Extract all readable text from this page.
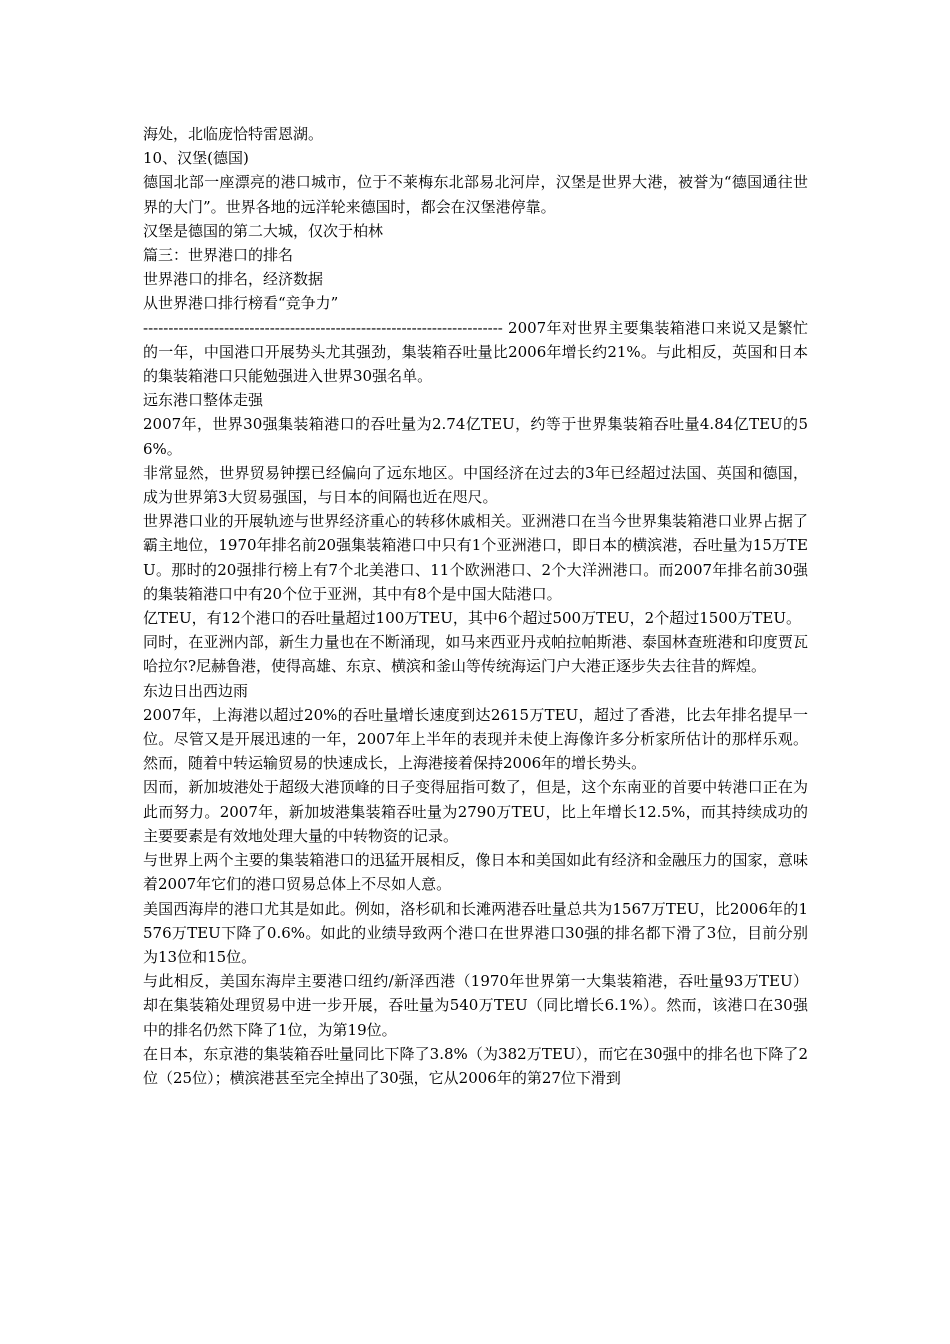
海处，北临庞恰特雷恩湖。

10、汉堡(德国)

德国北部一座漂亮的港口城市，位于不莱梅东北部易北河岸，汉堡是世界大港，被誉为“德国通往世界的大门”。世界各地的远洋轮来德国时，都会在汉堡港停靠。

汉堡是德国的第二大城，仅次于柏林

篇三：世界港口的排名

世界港口的排名，经济数据

从世界港口排行榜看“竞争力”

----------------------------------------------------------------------- 2007年对世界主要集装箱港口来说又是繁忙的一年，中国港口开展势头尤其强劲，集装箱吞吐量比2006年增长约21%。与此相反，英国和日本的集装箱港口只能勉强进入世界30强名单。

远东港口整体走强

2007年，世界30强集装箱港口的吞吐量为2.74亿TEU，约等于世界集装箱吞吐量4.84亿TEU的56%。

非常显然，世界贸易钟摆已经偏向了远东地区。中国经济在过去的3年已经超过法国、英国和德国，成为世界第3大贸易强国，与日本的间隔也近在咫尺。

世界港口业的开展轨迹与世界经济重心的转移休戚相关。亚洲港口在当今世界集装箱港口业界占据了霸主地位，1970年排名前20强集装箱港口中只有1个亚洲港口，即日本的横滨港，吞吐量为15万TEU。那时的20强排行榜上有7个北美港口、11个欧洲港口、2个大洋洲港口。而2007年排名前30强的集装箱港口中有20个位于亚洲，其中有8个是中国大陆港口。

亿TEU，有12个港口的吞吐量超过100万TEU，其中6个超过500万TEU，2个超过1500万TEU。

同时，在亚洲内部，新生力量也在不断涌现，如马来西亚丹戎帕拉帕斯港、泰国林查班港和印度贾瓦哈拉尔?尼赫鲁港，使得高雄、东京、横滨和釜山等传统海运门户大港正逐步失去往昔的辉煌。

东边日出西边雨

2007年，上海港以超过20%的吞吐量增长速度到达2615万TEU，超过了香港，比去年排名提早一位。尽管又是开展迅速的一年，2007年上半年的表现并未使上海像许多分析家所估计的那样乐观。然而，随着中转运输贸易的快速成长，上海港接着保持2006年的增长势头。

因而，新加坡港处于超级大港顶峰的日子变得屈指可数了，但是，这个东南亚的首要中转港口正在为此而努力。2007年，新加坡港集装箱吞吐量为2790万TEU，比上年增长12.5%，而其持续成功的主要要素是有效地处理大量的中转物资的记录。

与世界上两个主要的集装箱港口的迅猛开展相反，像日本和美国如此有经济和金融压力的国家，意味着2007年它们的港口贸易总体上不尽如人意。

美国西海岸的港口尤其是如此。例如，洛杉矶和长滩两港吞吐量总共为1567万TEU，比2006年的1576万TEU下降了0.6%。如此的业绩导致两个港口在世界港口30强的排名都下滑了3位，目前分别为13位和15位。

与此相反，美国东海岸主要港口纽约/新泽西港（1970年世界第一大集装箱港，吞吐量93万TEU）却在集装箱处理贸易中进一步开展，吞吐量为540万TEU（同比增长6.1%）。然而，该港口在30强中的排名仍然下降了1位，为第19位。

在日本，东京港的集装箱吞吐量同比下降了3.8%（为382万TEU），而它在30强中的排名也下降了2位（25位）；横滨港甚至完全掉出了30强，它从2006年的第27位下滑到
